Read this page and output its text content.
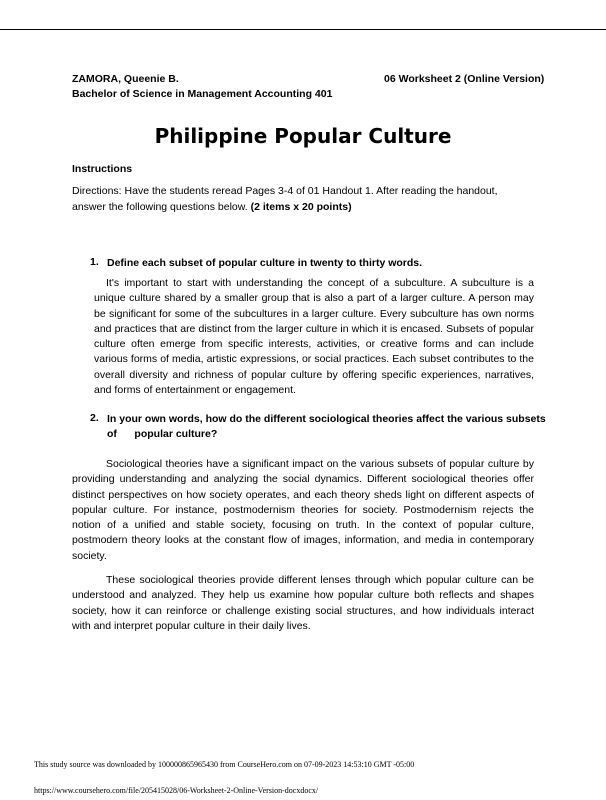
ZAMORA, Queenie B.
Bachelor of Science in Management Accounting 401
06 Worksheet 2 (Online Version)
Philippine Popular Culture
Instructions
Directions: Have the students reread Pages 3-4 of 01 Handout 1. After reading the handout, answer the following questions below. (2 items x 20 points)
1. Define each subset of popular culture in twenty to thirty words.
It's important to start with understanding the concept of a subculture. A subculture is a unique culture shared by a smaller group that is also a part of a larger culture. A person may be significant for some of the subcultures in a larger culture. Every subculture has own norms and practices that are distinct from the larger culture in which it is encased. Subsets of popular culture often emerge from specific interests, activities, or creative forms and can include various forms of media, artistic expressions, or social practices. Each subset contributes to the overall diversity and richness of popular culture by offering specific experiences, narratives, and forms of entertainment or engagement.
2. In your own words, how do the different sociological theories affect the various subsets
of      popular culture?
Sociological theories have a significant impact on the various subsets of popular culture by providing understanding and analyzing the social dynamics. Different sociological theories offer distinct perspectives on how society operates, and each theory sheds light on different aspects of popular culture. For instance, postmodernism theories for society. Postmodernism rejects the notion of a unified and stable society, focusing on truth. In the context of popular culture, postmodern theory looks at the constant flow of images, information, and media in contemporary society.
These sociological theories provide different lenses through which popular culture can be understood and analyzed. They help us examine how popular culture both reflects and shapes society, how it can reinforce or challenge existing social structures, and how individuals interact with and interpret popular culture in their daily lives.
This study source was downloaded by 100000865965430 from CourseHero.com on 07-09-2023 14:53:10 GMT -05:00
https://www.coursehero.com/file/205415028/06-Worksheet-2-Online-Version-docxdocx/
